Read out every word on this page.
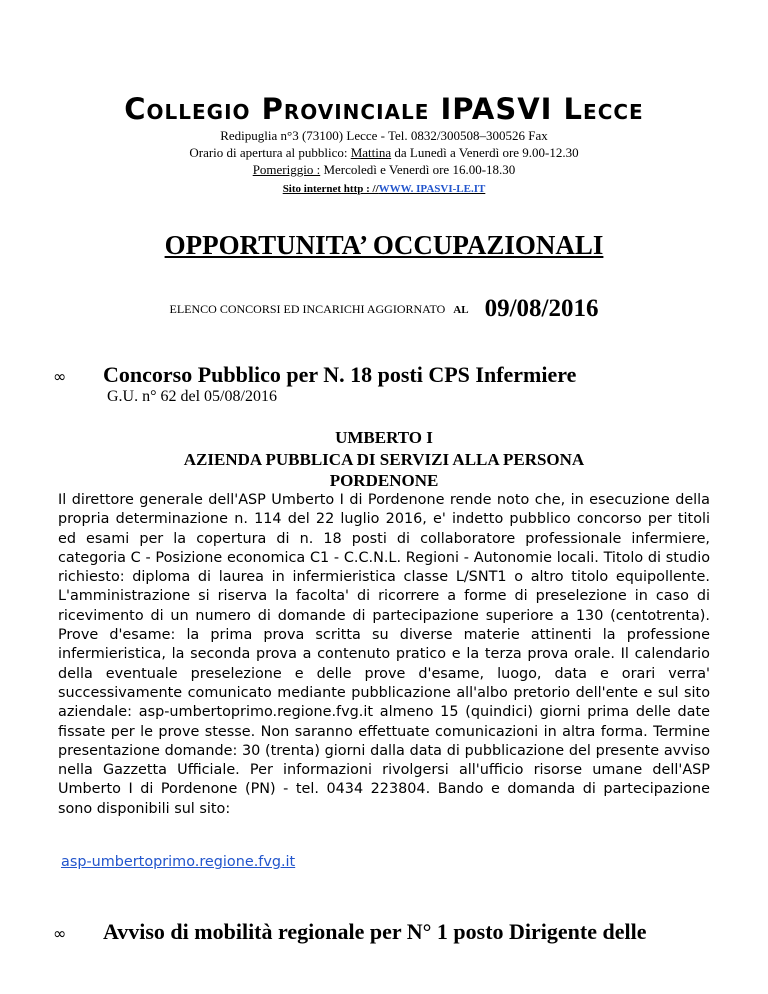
Collegio Provinciale IPASVI Lecce
Redipuglia n°3 (73100) Lecce - Tel. 0832/300508–300526 Fax
Orario di apertura al pubblico: Mattina da Lunedì a Venerdì ore 9.00-12.30
Pomeriggio : Mercoledì e Venerdì ore 16.00-18.30
Sito internet http : //WWW. IPASVI-LE.IT
OPPORTUNITA’ OCCUPAZIONALI
ELENCO CONCORSI ED INCARICHI AGGIORNATO AL 09/08/2016
∞ Concorso Pubblico per N. 18 posti CPS Infermiere
G.U. n° 62 del 05/08/2016
UMBERTO I
AZIENDA PUBBLICA DI SERVIZI ALLA PERSONA
PORDENONE

Il direttore generale dell'ASP Umberto I di Pordenone rende noto che, in esecuzione della propria determinazione n. 114 del 22 luglio 2016, e' indetto pubblico concorso per titoli ed esami per la copertura di n. 18 posti di collaboratore professionale infermiere, categoria C - Posizione economica C1 - C.C.N.L. Regioni - Autonomie locali. Titolo di studio richiesto: diploma di laurea in infermieristica classe L/SNT1 o altro titolo equipollente. L'amministrazione si riserva la facolta' di ricorrere a forme di preselezione in caso di ricevimento di un numero di domande di partecipazione superiore a 130 (centotrenta). Prove d'esame: la prima prova scritta su diverse materie attinenti la professione infermieristica, la seconda prova a contenuto pratico e la terza prova orale. Il calendario della eventuale preselezione e delle prove d'esame, luogo, data e orari verra' successivamente comunicato mediante pubblicazione all'albo pretorio dell'ente e sul sito aziendale: asp-umbertoprimo.regione.fvg.it almeno 15 (quindici) giorni prima delle date fissate per le prove stesse. Non saranno effettuate comunicazioni in altra forma. Termine presentazione domande: 30 (trenta) giorni dalla data di pubblicazione del presente avviso nella Gazzetta Ufficiale. Per informazioni rivolgersi all'ufficio risorse umane dell'ASP Umberto I di Pordenone (PN) - tel. 0434 223804. Bando e domanda di partecipazione sono disponibili sul sito:

asp-umbertoprimo.regione.fvg.it
∞ Avviso di mobilità regionale per N° 1 posto Dirigente delle
